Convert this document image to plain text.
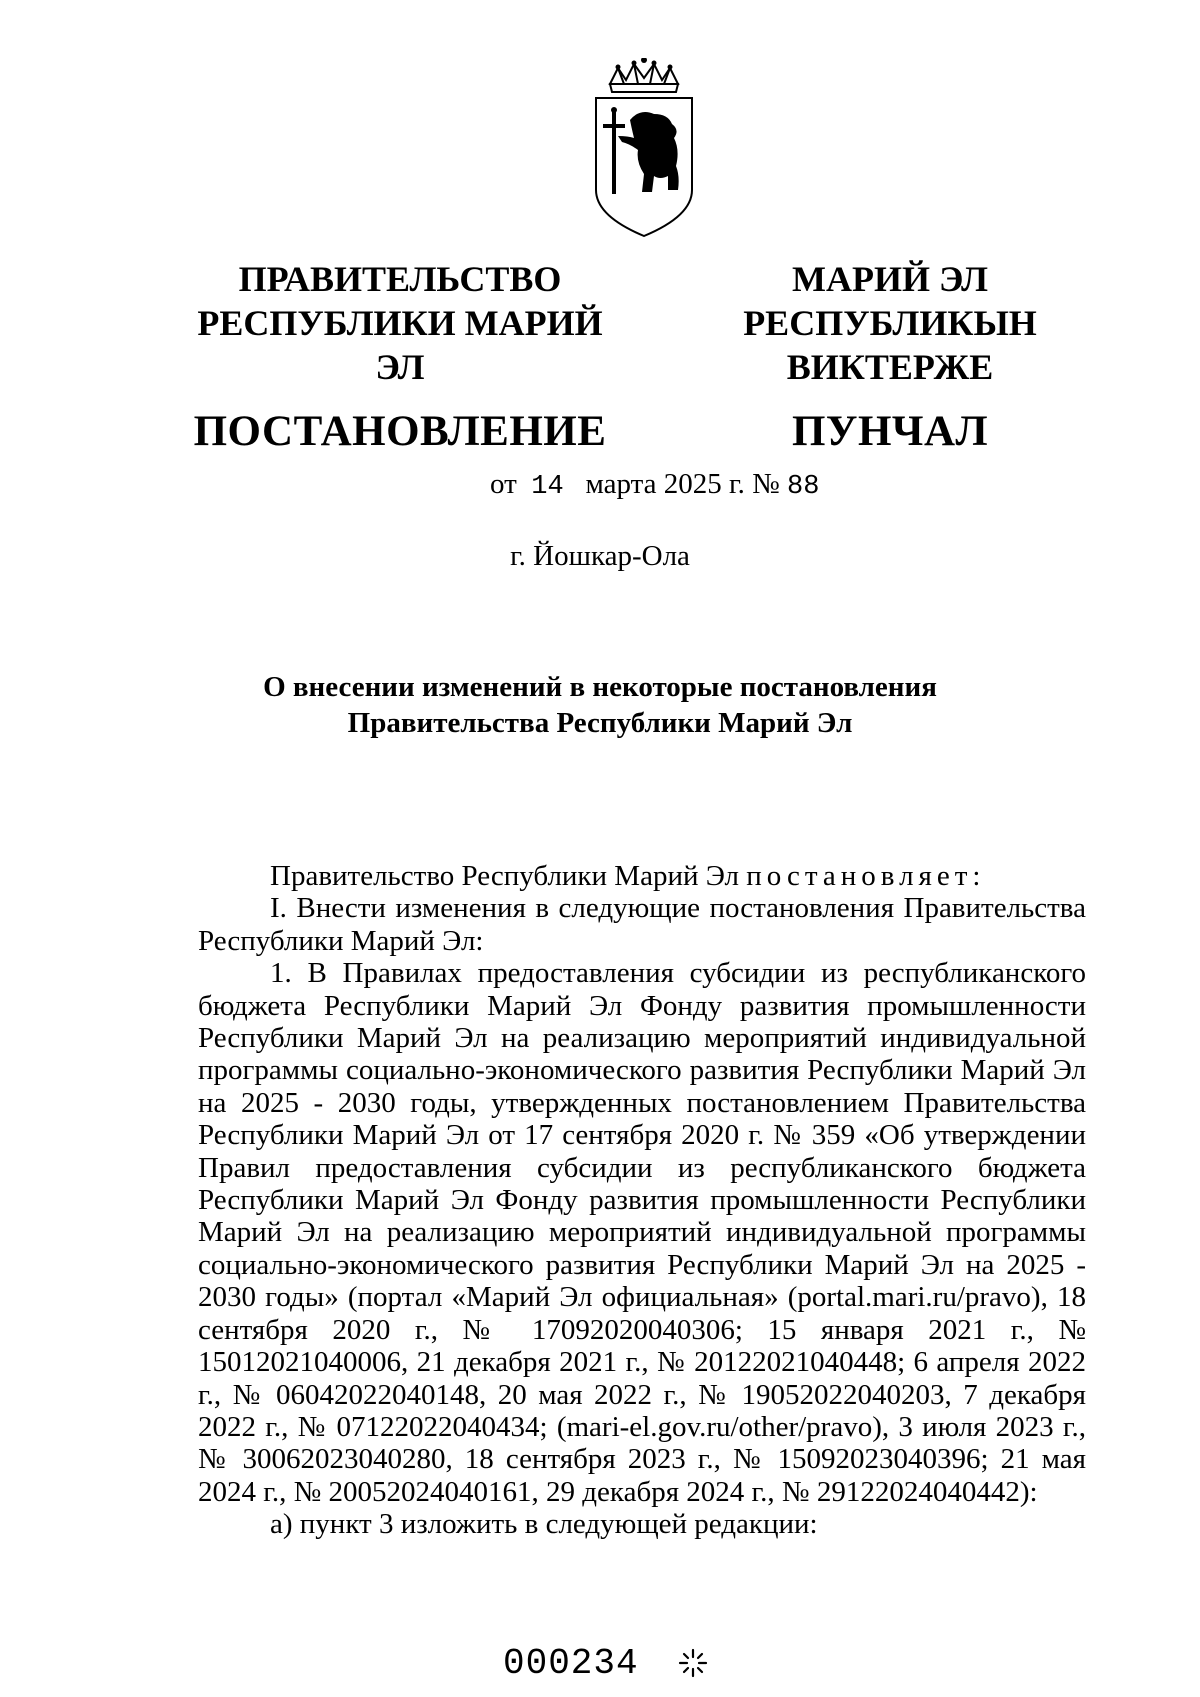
ПРАВИТЕЛЬСТВО
РЕСПУБЛИКИ МАРИЙ ЭЛ
ПОСТАНОВЛЕНИЕ
МАРИЙ ЭЛ РЕСПУБЛИКЫН
ВИКТЕРЖЕ
ПУНЧАЛ
от 14 марта 2025 г. № 88
г. Йошкар-Ола
О внесении изменений в некоторые постановления
Правительства Республики Марий Эл

Правительство Республики Марий Эл постановляет:

I. Внести изменения в следующие постановления Правительства Республики Марий Эл:

1. В Правилах предоставления субсидии из республиканского бюджета Республики Марий Эл Фонду развития промышленности Республики Марий Эл на реализацию мероприятий индивидуальной программы социально-экономического развития Республики Марий Эл на 2025 - 2030 годы, утвержденных постановлением Правительства Республики Марий Эл от 17 сентября 2020 г. № 359 «Об утверждении Правил предоставления субсидии из республиканского бюджета Республики Марий Эл Фонду развития промышленности Республики Марий Эл на реализацию мероприятий индивидуальной программы социально-экономического развития Республики Марий Эл на 2025 - 2030 годы» (портал «Марий Эл официальная» (portal.mari.ru/pravo), 18 сентября 2020 г., № 17092020040306; 15 января 2021 г., № 15012021040006, 21 декабря 2021 г., № 20122021040448; 6 апреля 2022 г., № 06042022040148, 20 мая 2022 г., № 19052022040203, 7 декабря 2022 г., № 07122022040434; (mari-el.gov.ru/other/pravo), 3 июля 2023 г., № 30062023040280, 18 сентября 2023 г., № 15092023040396; 21 мая 2024 г., № 20052024040161, 29 декабря 2024 г., № 29122024040442):

а) пункт 3 изложить в следующей редакции:

000234
